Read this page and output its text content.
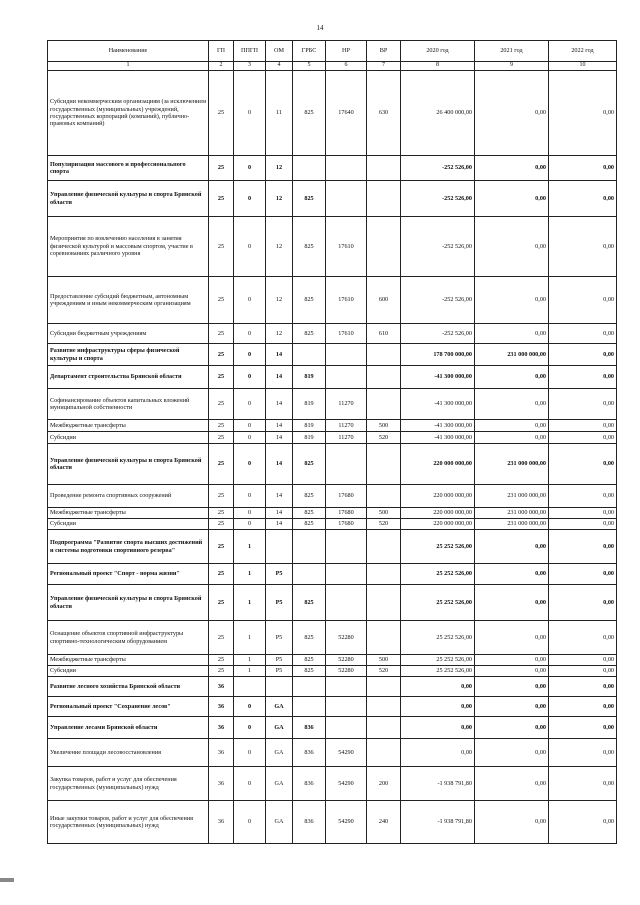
14
Наименование	ГП	ППГП	ОМ	ГРБС	НР	ВР	2020 год	2021 год	2022 год
1	2	3	4	5	6	7	8	9	10
Субсидии некоммерческим организациям (за исключением государственных (муниципальных) учреждений, государственных корпораций (компаний), публично-правовых компаний)	25	0	11	825	17640	630	26 400 000,00	0,00	0,00
Популяризация массового и профессионального спорта	25	0	12				-252 526,00	0,00	0,00
Управление физической культуры и спорта Брянской области	25	0	12	825			-252 526,00	0,00	0,00
Мероприятия по вовлечению населения в занятия физической культурой и массовым спортом, участие в соревнованиях различного уровня	25	0	12	825	17610		-252 526,00	0,00	0,00
Предоставление субсидий бюджетным, автономным учреждениям и иным некоммерческим организациям	25	0	12	825	17610	600	-252 526,00	0,00	0,00
Субсидии бюджетным учреждениям	25	0	12	825	17610	610	-252 526,00	0,00	0,00
Развитие инфраструктуры сферы физической культуры и спорта	25	0	14				178 700 000,00	231 000 000,00	0,00
Департамент строительства Брянской области	25	0	14	819			-41 300 000,00	0,00	0,00
Софинансирование объектов капитальных вложений муниципальной собственности	25	0	14	819	11270		-41 300 000,00	0,00	0,00
Межбюджетные трансферты	25	0	14	819	11270	500	-41 300 000,00	0,00	0,00
Субсидии	25	0	14	819	11270	520	-41 300 000,00	0,00	0,00
Управление физической культуры и спорта Брянской области	25	0	14	825			220 000 000,00	231 000 000,00	0,00
Проведение ремонта спортивных сооружений	25	0	14	825	17680		220 000 000,00	231 000 000,00	0,00
Межбюджетные трансферты	25	0	14	825	17680	500	220 000 000,00	231 000 000,00	0,00
Субсидии	25	0	14	825	17680	520	220 000 000,00	231 000 000,00	0,00
Подпрограмма "Развитие спорта высших достижений и системы подготовки спортивного резерва"	25	1					25 252 526,00	0,00	0,00
Региональный проект "Спорт - норма жизни"	25	1	P5				25 252 526,00	0,00	0,00
Управление физической культуры и спорта Брянской области	25	1	P5	825			25 252 526,00	0,00	0,00
Оснащение объектов спортивной инфраструктуры спортивно-технологическим оборудованием	25	1	P5	825	52280		25 252 526,00	0,00	0,00
Межбюджетные трансферты	25	1	P5	825	52280	500	25 252 526,00	0,00	0,00
Субсидии	25	1	P5	825	52280	520	25 252 526,00	0,00	0,00
Развитие лесного хозяйства Брянской области	36						0,00	0,00	0,00
Региональный проект "Сохранение лесов"	36	0	GA				0,00	0,00	0,00
Управление лесами Брянской области	36	0	GA	836			0,00	0,00	0,00
Увеличение площади лесовосстановления	36	0	GA	836	54290		0,00	0,00	0,00
Закупка товаров, работ и услуг для обеспечения государственных (муниципальных) нужд	36	0	GA	836	54290	200	-1 938 791,80	0,00	0,00
Иные закупки товаров, работ и услуг для обеспечения государственных (муниципальных) нужд	36	0	GA	836	54290	240	-1 938 791,80	0,00	0,00
